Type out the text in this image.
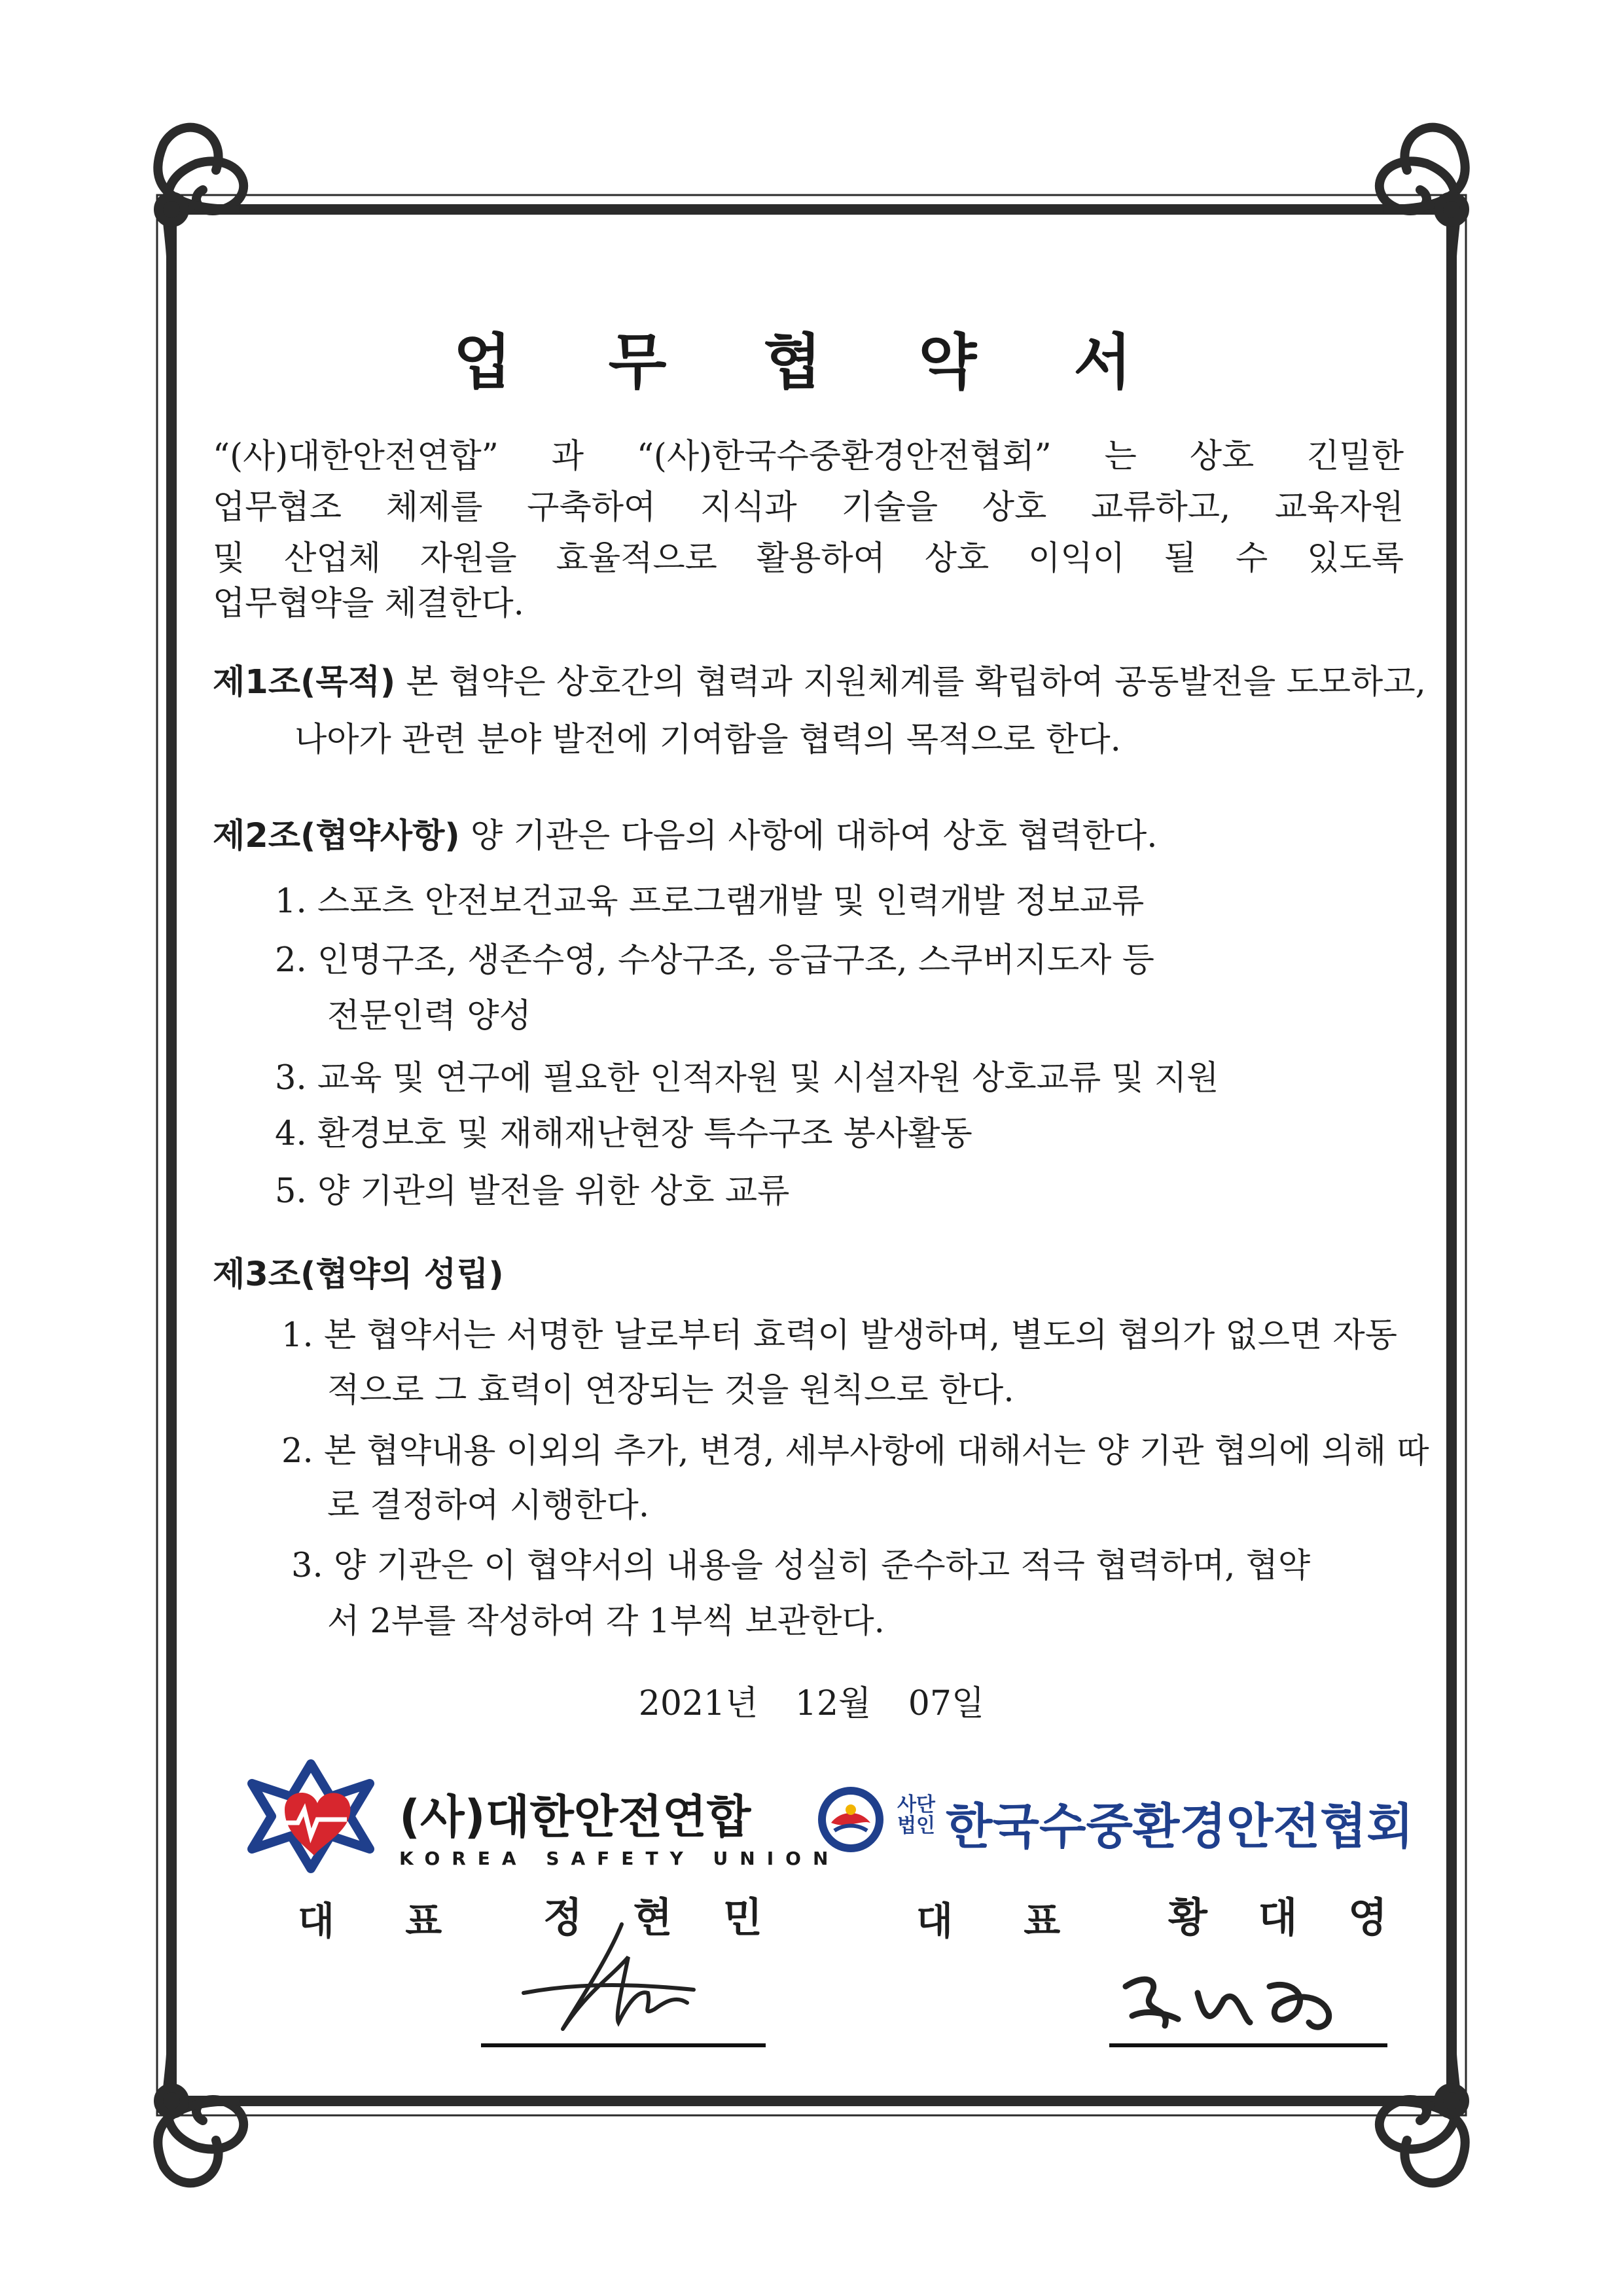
업 무 협 약 서
“(사)대한안전연합” 과 “(사)한국수중환경안전협회” 는 상호 긴밀한
업무협조 체제를 구축하여 지식과 기술을 상호 교류하고, 교육자원
및 산업체 자원을 효율적으로 활용하여 상호 이익이 될 수 있도록
업무협약을 체결한다.
제1조(목적) 본 협약은 상호간의 협력과 지원체계를 확립하여 공동발전을 도모하고,
나아가 관련 분야 발전에 기여함을 협력의 목적으로 한다.
제2조(협약사항) 양 기관은 다음의 사항에 대하여 상호 협력한다.
1. 스포츠 안전보건교육 프로그램개발 및 인력개발 정보교류
2. 인명구조, 생존수영, 수상구조, 응급구조, 스쿠버지도자 등
전문인력 양성
3. 교육 및 연구에 필요한 인적자원 및 시설자원 상호교류 및 지원
4. 환경보호 및 재해재난현장 특수구조 봉사활동
5. 양 기관의 발전을 위한 상호 교류
제3조(협약의 성립)
1. 본 협약서는 서명한 날로부터 효력이 발생하며, 별도의 협의가 없으면 자동
적으로 그 효력이 연장되는 것을 원칙으로 한다.
2. 본 협약내용 이외의 추가, 변경, 세부사항에 대해서는 양 기관 협의에 의해 따
로 결정하여 시행한다.
3. 양 기관은 이 협약서의 내용을 성실히 준수하고 적극 협력하며, 협약
서 2부를 작성하여 각 1부씩 보관한다.
2021년 12월 07일
(사)대한안전연합
KOREA SAFETY UNION
사단
법인 한국수중환경안전협회
대 표 정 현 민	대 표 황 대 영
